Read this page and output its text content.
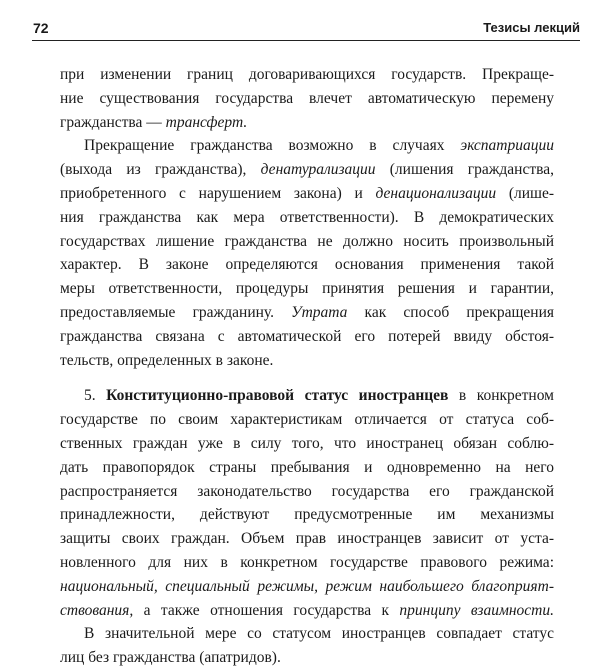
72	Тезисы лекций
при изменении границ договаривающихся государств. Прекраще-
ние существования государства влечет автоматическую перемену
гражданства — трансферт.
Прекращение гражданства возможно в случаях экспатриации
(выхода из гражданства), денатурализации (лишения гражданства,
приобретенного с нарушением закона) и денационализации (лише-
ния гражданства как мера ответственности). В демократических
государствах лишение гражданства не должно носить произвольный
характер. В законе определяются основания применения такой
меры ответственности, процедуры принятия решения и гарантии,
предоставляемые гражданину. Утрата как способ прекращения
гражданства связана с автоматической его потерей ввиду обстоя-
тельств, определенных в законе.
5. Конституционно-правовой статус иностранцев в конкретном
государстве по своим характеристикам отличается от статуса соб-
ственных граждан уже в силу того, что иностранец обязан соблю-
дать правопорядок страны пребывания и одновременно на него
распространяется законодательство государства его гражданской
принадлежности, действуют предусмотренные им механизмы
защиты своих граждан. Объем прав иностранцев зависит от уста-
новленного для них в конкретном государстве правового режима:
национальный, специальный режимы, режим наибольшего благоприят-
ствования, а также отношения государства к принципу взаимности.
В значительной мере со статусом иностранцев совпадает статус
лиц без гражданства (апатридов).
